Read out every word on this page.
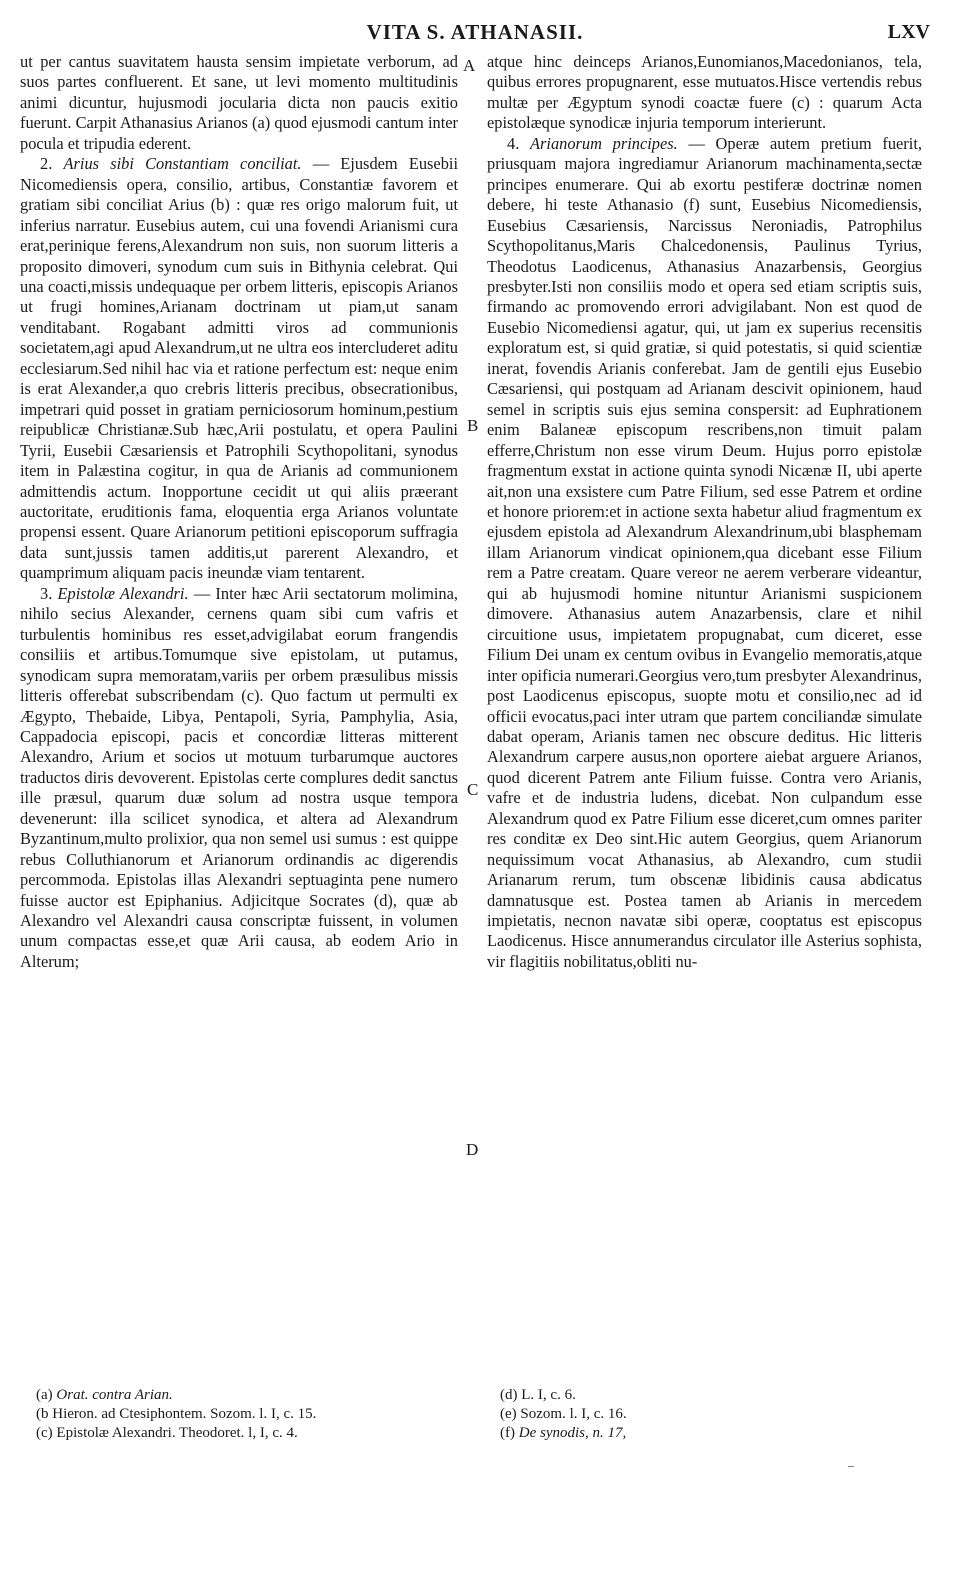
VITA S. ATHANASII.	LXV
A
B
C
D

ut per cantus suavitatem hausta sensim impietate verborum, ad suos partes confluerent. Et sane, ut levi momento multitudinis animi dicuntur, hujusmodi jocularia dicta non paucis exitio fuerunt. Carpit Athanasius Arianos (a) quod ejusmodi cantum inter pocula et tripudia ederent.

2. Arius sibi Constantiam conciliat. — Ejusdem Eusebii Nicomediensis opera, consilio, artibus, Constantiæ favorem et gratiam sibi conciliat Arius (b) : quæ res origo malorum fuit, ut inferius narratur. Eusebius autem, cui una fovendi Arianismi cura erat,perinique ferens,Alexandrum non suis, non suorum litteris a proposito dimoveri, synodum cum suis in Bithynia celebrat. Qui una coacti,missis undequaque per orbem litteris, episcopis Arianos ut frugi homines,Arianam doctrinam ut piam,ut sanam venditabant. Rogabant admitti viros ad communionis societatem,agi apud Alexandrum,ut ne ultra eos intercluderet aditu ecclesiarum.Sed nihil hac via et ratione perfectum est: neque enim is erat Alexander,a quo crebris litteris precibus, obsecrationibus, impetrari quid posset in gratiam perniciosorum hominum,pestium reipublicæ Christianæ.Sub hæc,Arii postulatu, et opera Paulini Tyrii, Eusebii Cæsariensis et Patrophili Scythopolitani, synodus item in Palæstina cogitur, in qua de Arianis ad communionem admittendis actum. Inopportune cecidit ut qui aliis præerant auctoritate, eruditionis fama, eloquentia erga Arianos voluntate propensi essent. Quare Arianorum petitioni episcoporum suffragia data sunt,jussis tamen additis,ut parerent Alexandro, et quamprimum aliquam pacis ineundæ viam tentarent.

3. Epistolæ Alexandri. — Inter hæc Arii sectatorum molimina, nihilo secius Alexander, cernens quam sibi cum vafris et turbulentis hominibus res esset,advigilabat eorum frangendis consiliis et artibus.Tomumque sive epistolam, ut putamus, synodicam supra memoratam,variis per orbem præsulibus missis litteris offerebat subscribendam (c). Quo factum ut permulti ex Ægypto, Thebaide, Libya, Pentapoli, Syria, Pamphylia, Asia, Cappadocia episcopi, pacis et concordiæ litteras mitterent Alexandro, Arium et socios ut motuum turbarumque auctores traductos diris devoverent. Epistolas certe complures dedit sanctus ille præsul, quarum duæ solum ad nostra usque tempora devenerunt: illa scilicet synodica, et altera ad Alexandrum Byzantinum,multo prolixior, qua non semel usi sumus : est quippe rebus Colluthianorum et Arianorum ordinandis ac digerendis percommoda. Epistolas illas Alexandri septuaginta pene numero fuisse auctor est Epiphanius. Adjicitque Socrates (d), quæ ab Alexandro vel Alexandri causa conscriptæ fuissent, in volumen unum compactas esse,et quæ Arii causa, ab eodem Ario in Alterum;

atque hinc deinceps Arianos,Eunomianos,Macedonianos, tela, quibus errores propugnarent, esse mutuatos.Hisce vertendis rebus multæ per Ægyptum synodi coactæ fuere (c) : quarum Acta epistolæque synodicæ injuria temporum interierunt.

4. Arianorum principes. — Operæ autem pretium fuerit, priusquam majora ingrediamur Arianorum machinamenta,sectæ principes enumerare. Qui ab exortu pestiferæ doctrinæ nomen debere, hi teste Athanasio (f) sunt, Eusebius Nicomediensis, Eusebius Cæsariensis, Narcissus Neroniadis, Patrophilus Scythopolitanus,Maris Chalcedonensis, Paulinus Tyrius, Theodotus Laodicenus, Athanasius Anazarbensis, Georgius presbyter.Isti non consiliis modo et opera sed etiam scriptis suis, firmando ac promovendo errori advigilabant. Non est quod de Eusebio Nicomediensi agatur, qui, ut jam ex superius recensitis exploratum est, si quid gratiæ, si quid potestatis, si quid scientiæ inerat, fovendis Arianis conferebat. Jam de gentili ejus Eusebio Cæsariensi, qui postquam ad Arianam descivit opinionem, haud semel in scriptis suis ejus semina conspersit: ad Euphrationem enim Balaneæ episcopum rescribens,non timuit palam efferre,Christum non esse virum Deum. Hujus porro epistolæ fragmentum exstat in actione quinta synodi Nicænæ II, ubi aperte ait,non una exsistere cum Patre Filium, sed esse Patrem et ordine et honore priorem:et in actione sexta habetur aliud fragmentum ex ejusdem epistola ad Alexandrum Alexandrinum,ubi blasphemam illam Arianorum vindicat opinionem,qua dicebant esse Filium rem a Patre creatam. Quare vereor ne aerem verberare videantur, qui ab hujusmodi homine nituntur Arianismi suspicionem dimovere. Athanasius autem Anazarbensis, clare et nihil circuitione usus, impietatem propugnabat, cum diceret, esse Filium Dei unam ex centum ovibus in Evangelio memoratis,atque inter opificia numerari.Georgius vero,tum presbyter Alexandrinus, post Laodicenus episcopus, suopte motu et consilio,nec ad id officii evocatus,paci inter utram que partem conciliandæ simulate dabat operam, Arianis tamen nec obscure deditus. Hic litteris Alexandrum carpere ausus,non oportere aiebat arguere Arianos, quod dicerent Patrem ante Filium fuisse. Contra vero Arianis, vafre et de industria ludens, dicebat. Non culpandum esse Alexandrum quod ex Patre Filium esse diceret,cum omnes pariter res conditæ ex Deo sint.Hic autem Georgius, quem Arianorum nequissimum vocat Athanasius, ab Alexandro, cum studii Arianarum rerum, tum obscenæ libidinis causa abdicatus damnatusque est. Postea tamen ab Arianis in mercedem impietatis, necnon navatæ sibi operæ, cooptatus est episcopus Laodicenus. Hisce annumerandus circulator ille Asterius sophista, vir flagitiis nobilitatus,obliti nu-

(a) Orat. contra Arian.
(b Hieron. ad Ctesiphontem. Sozom. l. I, c. 15.
(c) Epistolæ Alexandri. Theodoret. l, I, c. 4.
(d) L. I, c. 6.
(e) Sozom. l. I, c. 16.
(f) De synodis, n. 17,
